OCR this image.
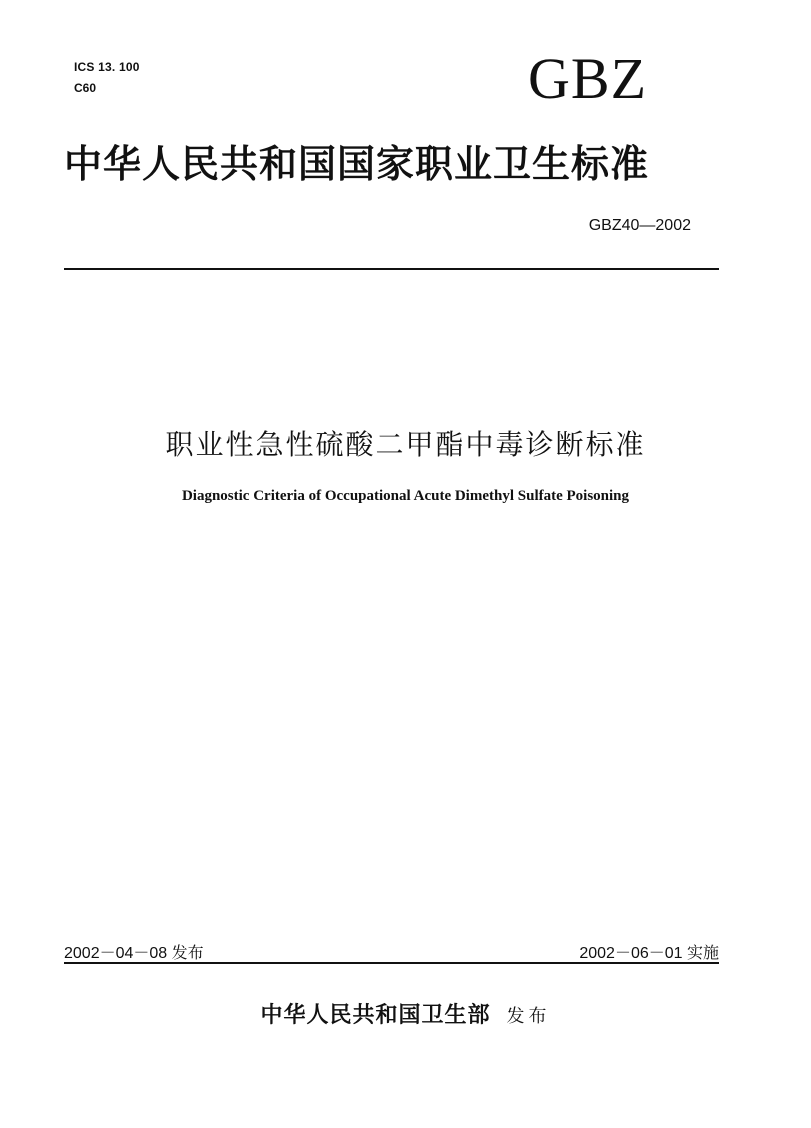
ICS 13. 100
C60	GBZ
中华人民共和国国家职业卫生标准
GBZ40—2002
职业性急性硫酸二甲酯中毒诊断标准
Diagnostic Criteria of Occupational Acute Dimethyl Sulfate Poisoning
2002－04－08 发布	2002－06－01 实施
中华人民共和国卫生部 发布
